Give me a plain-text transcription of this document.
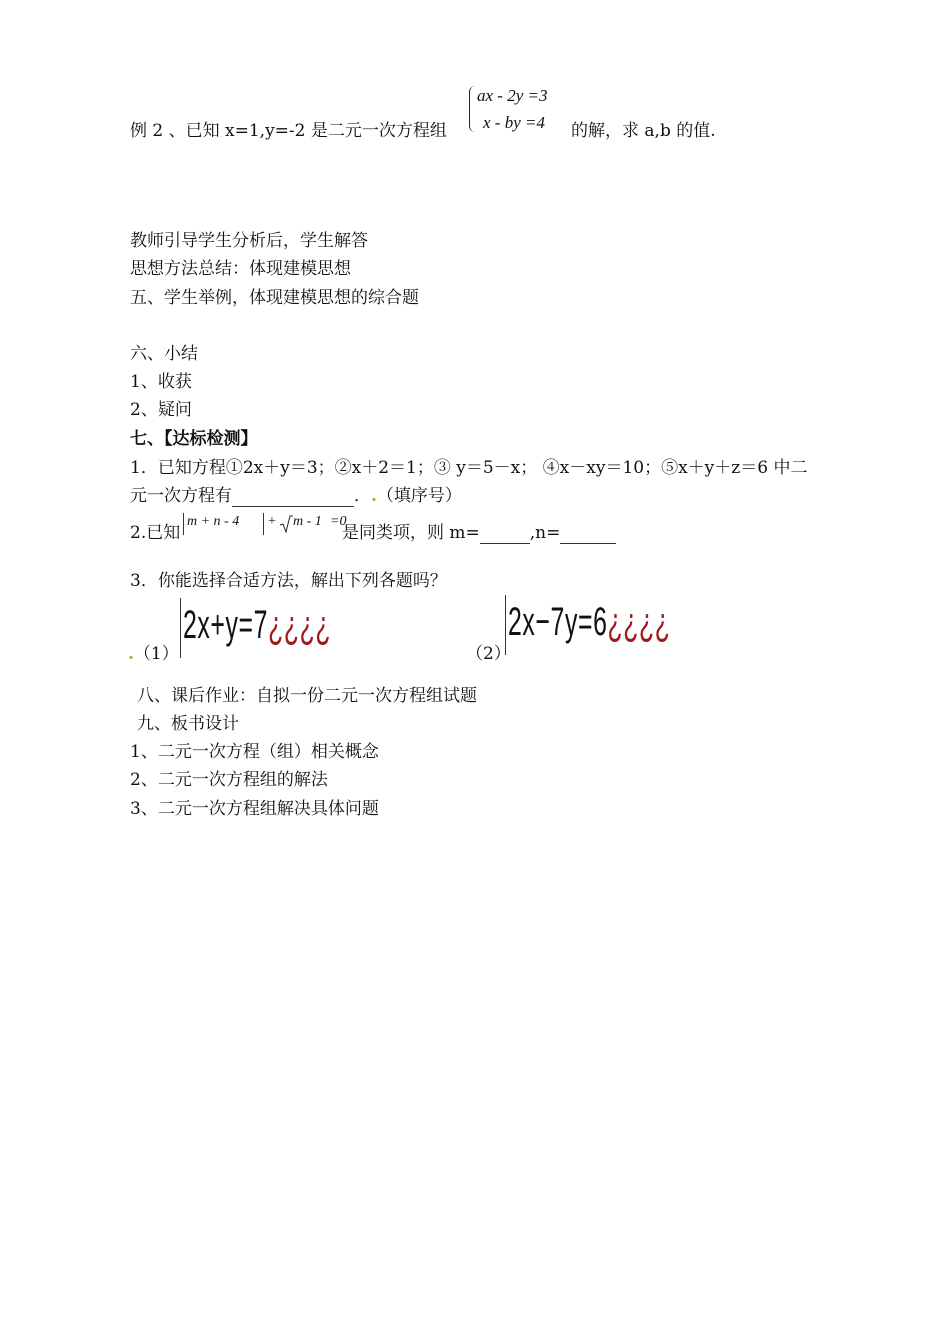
例 2 、已知 x=1,y=-2 是二元一次方程组
ax - 2y =3
x - by =4 的解，求 a,b 的值.
教师引导学生分析后，学生解答
思想方法总结：体现建模思想
五、学生举例，体现建模思想的综合题
六、小结
1、收获
2、疑问
七、【达标检测】
1．已知方程①2x＋y＝3；②x＋2＝1；③ y＝5－x； ④x－xy＝10；⑤x＋y＋z＝6 中二
元一次方程有	．.（填序号）
2.已知
m + n - 4 + m - 1 =0
是同类项，则 m=	,n=
3．你能选择合适方法，解出下列各题吗？
.（1）
2x+y=7¿¿¿¿
（2）
2x−7y=6¿¿¿¿
八、课后作业：自拟一份二元一次方程组试题
九、板书设计
1、二元一次方程（组）相关概念
2、二元一次方程组的解法
3、二元一次方程组解决具体问题
